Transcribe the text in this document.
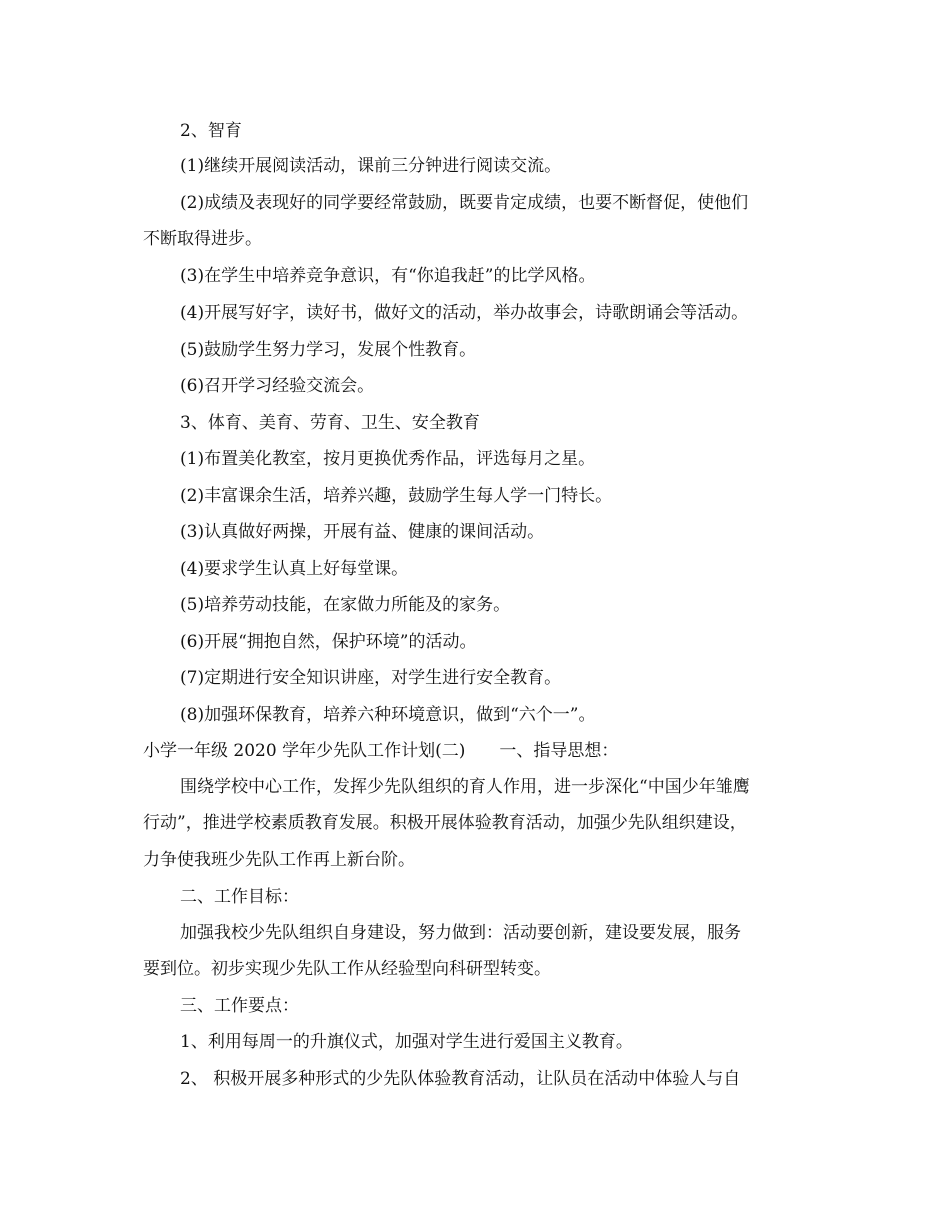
2、智育
(1)继续开展阅读活动，课前三分钟进行阅读交流。
(2)成绩及表现好的同学要经常鼓励，既要肯定成绩，也要不断督促，使他们
不断取得进步。
(3)在学生中培养竞争意识，有“你追我赶”的比学风格。
(4)开展写好字，读好书，做好文的活动，举办故事会，诗歌朗诵会等活动。
(5)鼓励学生努力学习，发展个性教育。
(6)召开学习经验交流会。
3、体育、美育、劳育、卫生、安全教育
(1)布置美化教室，按月更换优秀作品，评选每月之星。
(2)丰富课余生活，培养兴趣，鼓励学生每人学一门特长。
(3)认真做好两操，开展有益、健康的课间活动。
(4)要求学生认真上好每堂课。
(5)培养劳动技能，在家做力所能及的家务。
(6)开展“拥抱自然，保护环境”的活动。
(7)定期进行安全知识讲座，对学生进行安全教育。
(8)加强环保教育，培养六种环境意识，做到“六个一”。
小学一年级 2020 学年少先队工作计划(二)　　一、指导思想：
围绕学校中心工作，发挥少先队组织的育人作用，进一步深化“中国少年雏鹰
行动”，推进学校素质教育发展。积极开展体验教育活动，加强少先队组织建设，
力争使我班少先队工作再上新台阶。
二、工作目标：
加强我校少先队组织自身建设，努力做到：活动要创新，建设要发展，服务
要到位。初步实现少先队工作从经验型向科研型转变。
三、工作要点：
1、利用每周一的升旗仪式，加强对学生进行爱国主义教育。
2、 积极开展多种形式的少先队体验教育活动，让队员在活动中体验人与自
